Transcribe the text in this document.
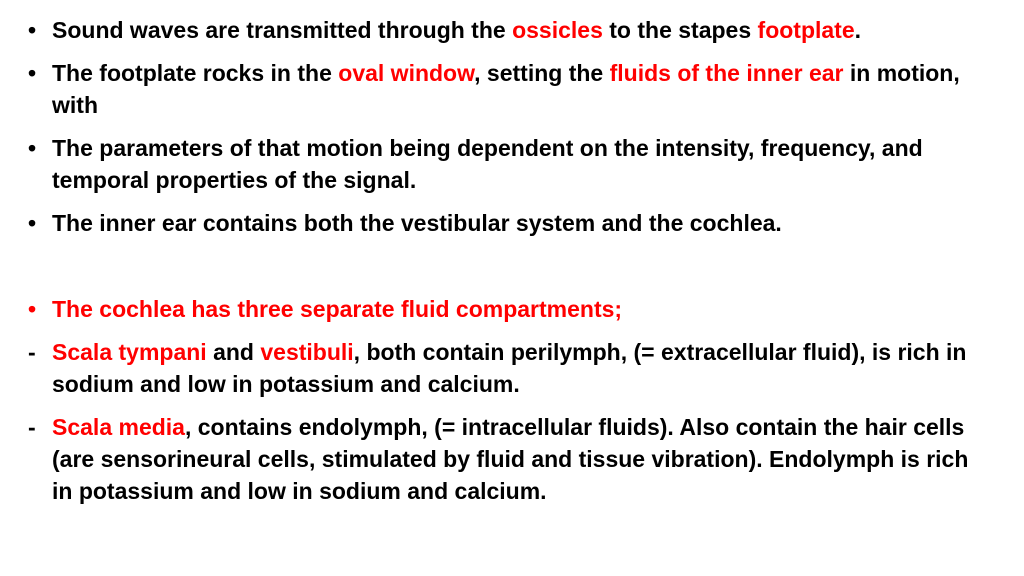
• Sound waves are transmitted through the ossicles to the stapes footplate.
• The footplate rocks in the oval window, setting the fluids of the inner ear in motion, with
• The parameters of that motion being dependent on the intensity, frequency, and temporal properties of the signal.
• The inner ear contains both the vestibular system and the cochlea.
• The cochlea has three separate fluid compartments;
- Scala tympani and vestibuli, both contain perilymph, (= extracellular fluid), is rich in sodium and low in potassium and calcium.
- Scala media, contains endolymph, (= intracellular fluids). Also contain the hair cells (are sensorineural cells, stimulated by fluid and tissue vibration). Endolymph is rich in potassium and low in sodium and calcium.
